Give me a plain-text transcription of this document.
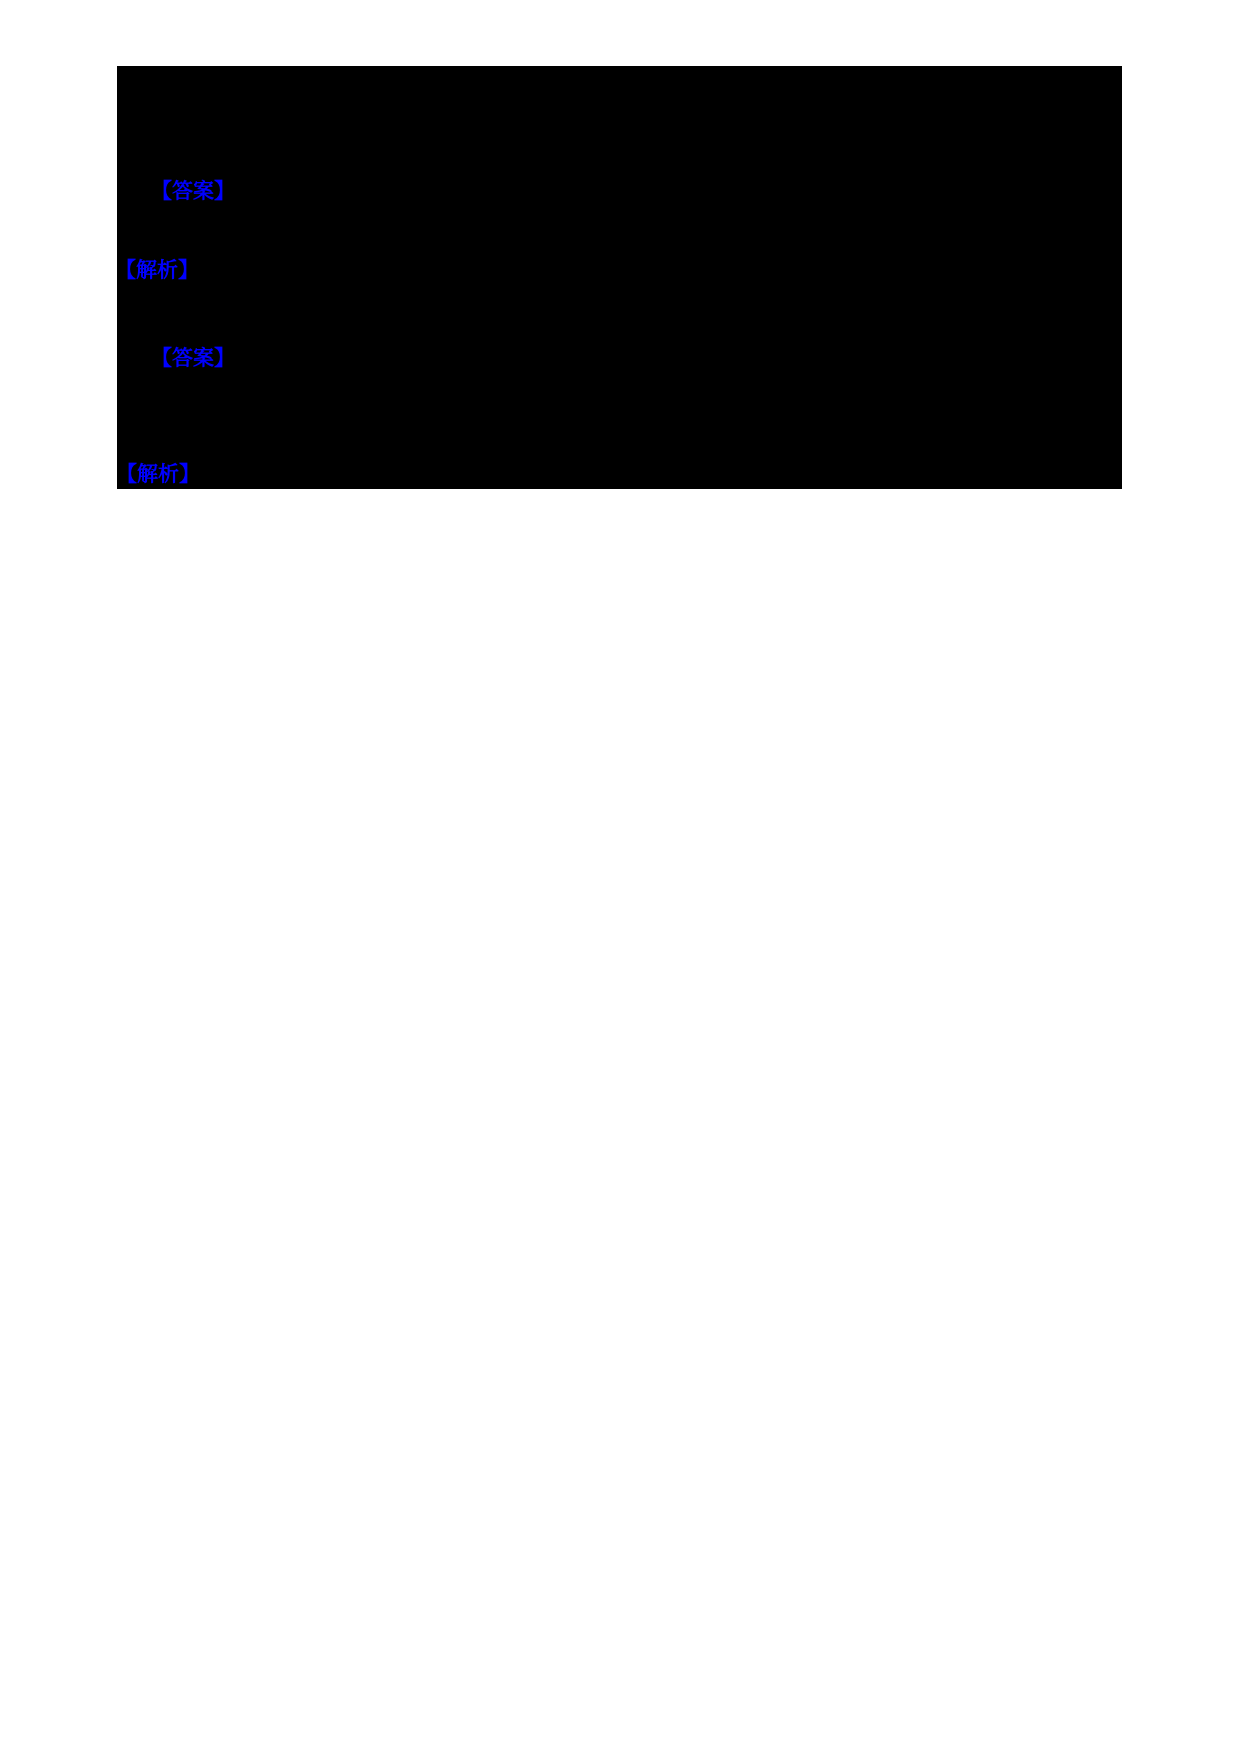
【答案】
【解析】
【答案】
【解析】
